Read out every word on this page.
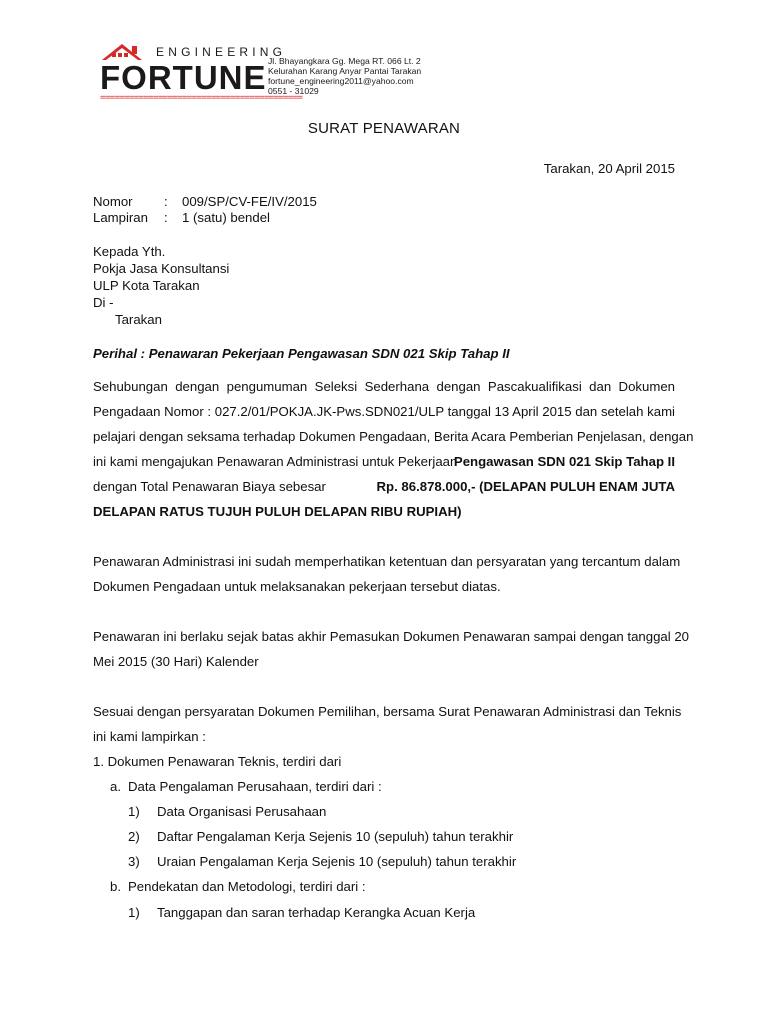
ENGINEERING
FORTUNE Jl. Bhayangkara Gg. Mega RT. 066 Lt. 2
Kelurahan Karang Anyar Pantai Tarakan
fortune_engineering2011@yahoo.com
0551 - 31029
==========================================
SURAT PENAWARAN
Tarakan, 20 April 2015
Nomor : 009/SP/CV-FE/IV/2015
Lampiran : 1 (satu) bendel
Kepada Yth.
Pokja Jasa Konsultansi
ULP Kota Tarakan
Di -
Tarakan
Perihal : Penawaran Pekerjaan Pengawasan SDN 021 Skip Tahap II
Sehubungan dengan pengumuman Seleksi Sederhana dengan Pascakualifikasi dan Dokumen
Pengadaan Nomor : 027.2/01/POKJA.JK-Pws.SDN021/ULP tanggal 13 April 2015 dan setelah kami
pelajari dengan seksama terhadap Dokumen Pengadaan, Berita Acara Pemberian Penjelasan, dengan
ini kami mengajukan Penawaran Administrasi untuk Pekerjaan
Pengawasan SDN 021 Skip Tahap II
dengan Total Penawaran Biaya sebesar	Rp. 86.878.000,- (DELAPAN PULUH ENAM JUTA
DELAPAN RATUS TUJUH PULUH DELAPAN RIBU RUPIAH)
Penawaran Administrasi ini sudah memperhatikan ketentuan dan persyaratan yang tercantum dalam
Dokumen Pengadaan untuk melaksanakan pekerjaan tersebut diatas.
Penawaran ini berlaku sejak batas akhir Pemasukan Dokumen Penawaran sampai dengan tanggal 20
Mei 2015 (30 Hari) Kalender
Sesuai dengan persyaratan Dokumen Pemilihan, bersama Surat Penawaran Administrasi dan Teknis
ini kami lampirkan :
1. Dokumen Penawaran Teknis, terdiri dari
a. Data Pengalaman Perusahaan, terdiri dari :
1) Data Organisasi Perusahaan
2) Daftar Pengalaman Kerja Sejenis 10 (sepuluh) tahun terakhir
3) Uraian Pengalaman Kerja Sejenis 10 (sepuluh) tahun terakhir
b. Pendekatan dan Metodologi, terdiri dari :
1) Tanggapan dan saran terhadap Kerangka Acuan Kerja
